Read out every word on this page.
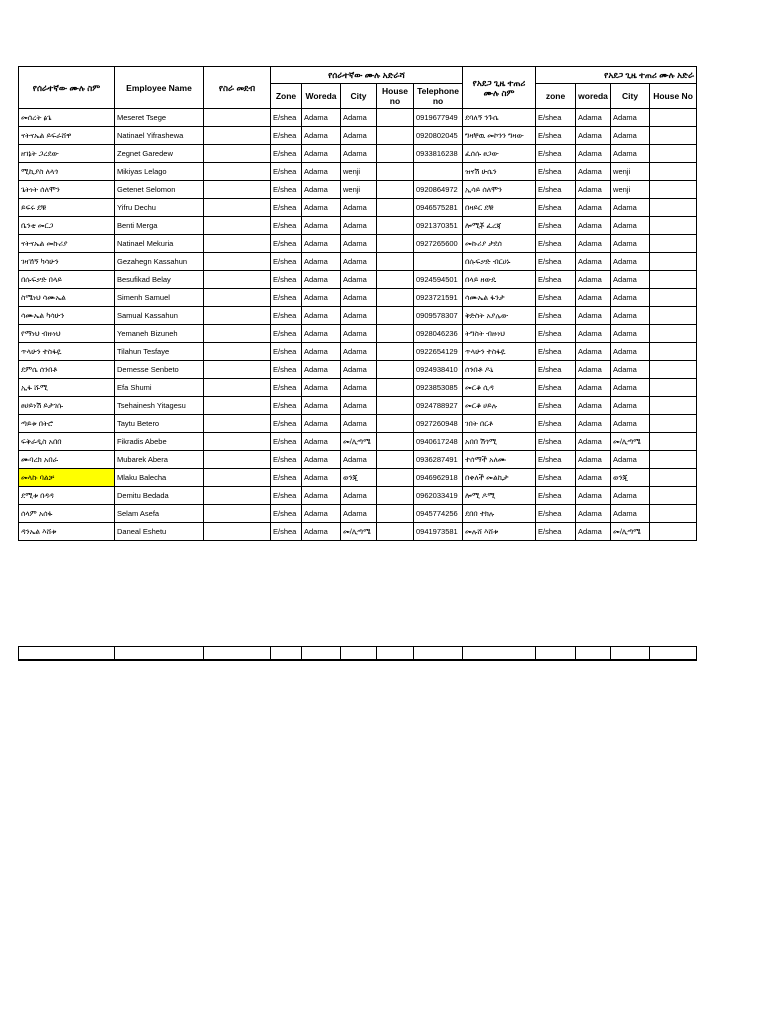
የሰራተኛው ሙሉ ስም	Employee Name	የስራ መደብ	የሰራተኛው ሙሉ አድራሻ					የአደጋ ጊዜ ተጠሪ ሙሉ ስም	የአደጋ ጊዜ ተጠሪ ሙሉ አድራ			
			Zone	Woreda	City	House no	Telephone no		zone	woreda	City	House No
መሰረት ፅጌ	Meseret Tsege		E/shea	Adama	Adama		0919677949	ደባለኝ ንጉሴ	E/shea	Adama	Adama	
ናትናኤል ይፍራሸዋ	Natinael Yifrashewa		E/shea	Adama	Adama		0920802045	ግዛቸዉ መኮንን ግዛው	E/shea	Adama	Adama	
ዘገኔት ጋረደው	Zegnet Garedew		E/shea	Adama	Adama		0933816238	ፈሰሱ ፀጋው	E/shea	Adama	Adama	
ሚኪያስ ለላጎ	Mikiyas Lelago		E/shea	Adama	wenji			ዝናሽ ሁሴን	E/shea	Adama	wenji	
ጌትነት ሰለሞን	Getenet Selomon		E/shea	Adama	wenji		0920864972	ኢሳይ ሰለሞን	E/shea	Adama	wenji	
ይፍሩ ደቹ	Yifru Dechu		E/shea	Adama	Adama		0946575281	በዛይር ደቹ	E/shea	Adama	Adama	
ቤንቲ መርጋ	Benti Merga		E/shea	Adama	Adama		0921370351	ሎሚቾ ፈረጃ	E/shea	Adama	Adama	
ናትናኤል መኩሪያ	Natinael Mekuria		E/shea	Adama	Adama		0927265600	መኩሪያ ታደሰ	E/shea	Adama	Adama	
ገዛኸኝ ካሳሁን	Gezahegn Kassahun		E/shea	Adama	Adama			በሱፍቃድ ብርሀኑ	E/shea	Adama	Adama	
በሱፍቃድ በላይ	Besufikad Belay		E/shea	Adama	Adama		0924594501	በላይ ዘውዴ	E/shea	Adama	Adama	
ስሜነህ ሳሙኤል	Simenh Samuel		E/shea	Adama	Adama		0923721591	ሳሙኤል ፋንታ	E/shea	Adama	Adama	
ሳሙኤል ካሳሁን	Samual Kassahun		E/shea	Adama	Adama		0909578307	ቅድስት አያሌው	E/shea	Adama	Adama	
የማነህ ብዙነህ	Yemaneh Bizuneh		E/shea	Adama	Adama		0928046236	ትግስት ብዙነህ	E/shea	Adama	Adama	
ጥላሁን ተስፋዬ	Tilahun Tesfaye		E/shea	Adama	Adama		0922654129	ጥላሁን ተስፋዬ	E/shea	Adama	Adama	
ደምሴ ሰንበቶ	Demesse Senbeto		E/shea	Adama	Adama		0924938410	ሰንበቶ ዶኒ	E/shea	Adama	Adama	
ኢፋ ሹሚ	Efa Shumi		E/shea	Adama	Adama		0923853085	መርቆ ሲዳ	E/shea	Adama	Adama	
ፀሀይነሽ ይታገሱ	Tsehainesh Yitagesu		E/shea	Adama	Adama		0924788927	መርቆ ሀይሉ	E/shea	Adama	Adama	
ጣይቱ በትሮ	Taytu Betero		E/shea	Adama	Adama		0927260948	ገበት በርቶ	E/shea	Adama	Adama	
ፍቅራዲስ አበበ	Fikradis Abebe		E/shea	Adama	መ/ሊጣሜ		0940617248	አበበ ሽጎሚ	E/shea	Adama	መ/ሊጣሜ	
ሙባረክ አበራ	Mubarek Abera		E/shea	Adama	Adama		0936287491	ተሰማች አለሙ	E/shea	Adama	Adama	
መላኩ ባልቻ	Mlaku Balecha		E/shea	Adama	ወንጂ		0946962918	በቀለች መልኪታ	E/shea	Adama	ወንጂ	
ደሚቱ በዳዳ	Demitu Bedada		E/shea	Adama	Adama		0962033419	ሎሚ ዶሚ	E/shea	Adama	Adama	
ሰላም አሰፋ	Selam Asefa		E/shea	Adama	Adama		0945774256	ደበበ ተክሉ	E/shea	Adama	Adama	
ዳንኤል እሸቱ	Daneal Eshetu		E/shea	Adama	መ/ሊጣሜ		0941973581	መሉሸ እሸቱ	E/shea	Adama	መ/ሊጣሜ	
